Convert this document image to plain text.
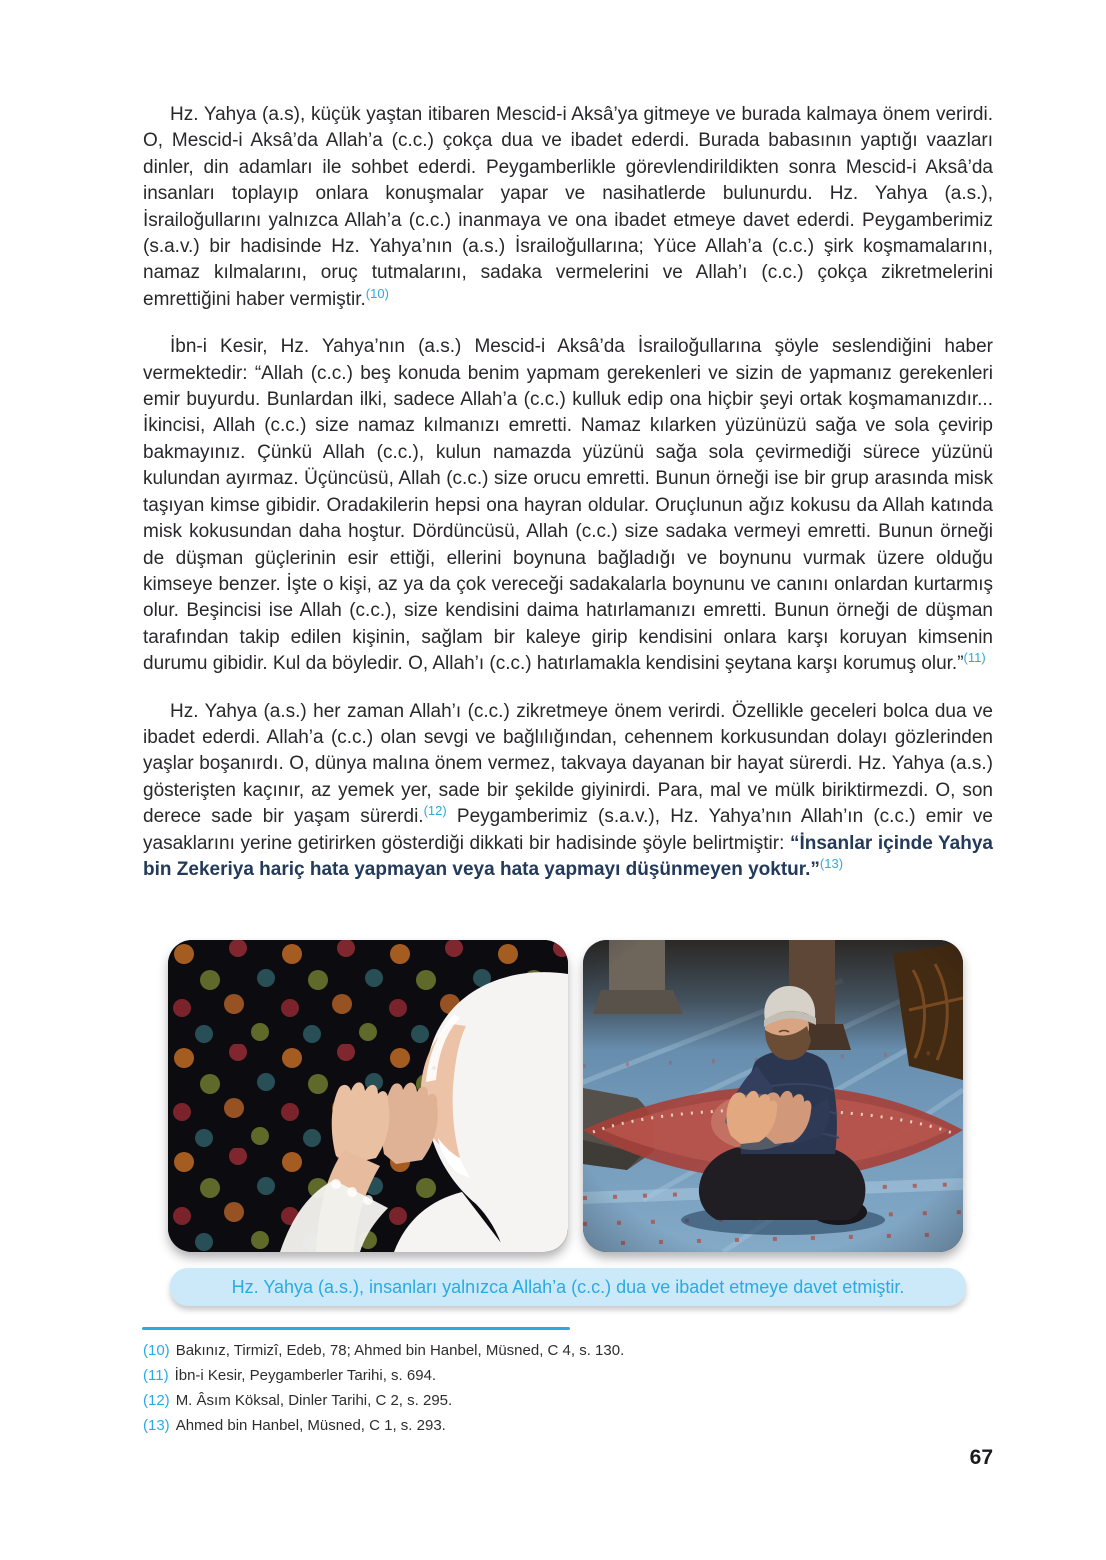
Hz. Yahya (a.s), küçük yaştan itibaren Mescid-i Aksâ’ya gitmeye ve burada kalmaya önem verirdi. O, Mescid-i Aksâ’da Allah’a (c.c.) çokça dua ve ibadet ederdi. Burada babasının yaptığı vaazları dinler, din adamları ile sohbet ederdi. Peygamberlikle görevlendirildikten sonra Mescid-i Aksâ’da insanları toplayıp onlara konuşmalar yapar ve nasihatlerde bulunurdu. Hz. Yahya (a.s.), İsrailoğullarını yalnızca Allah’a (c.c.) inanmaya ve ona ibadet etmeye davet ederdi. Peygamberimiz (s.a.v.) bir hadisinde Hz. Yahya’nın (a.s.) İsrailoğullarına; Yüce Allah’a (c.c.) şirk koşmamalarını, namaz kılmalarını, oruç tutmalarını, sadaka vermelerini ve Allah’ı (c.c.) çokça zikretmelerini emrettiğini haber vermiştir.$^{(10)}$

İbn-i Kesir, Hz. Yahya’nın (a.s.) Mescid-i Aksâ’da İsrailoğullarına şöyle seslendiğini haber vermektedir: “Allah (c.c.) beş konuda benim yapmam gerekenleri ve sizin de yapmanız gerekenleri emir buyurdu. Bunlardan ilki, sadece Allah’a (c.c.) kulluk edip ona hiçbir şeyi ortak koşmamanızdır... İkincisi, Allah (c.c.) size namaz kılmanızı emretti. Namaz kılarken yüzünüzü sağa ve sola çevirip bakmayınız. Çünkü Allah (c.c.), kulun namazda yüzünü sağa sola çevirmediği sürece yüzünü kulundan ayırmaz. Üçüncüsü, Allah (c.c.) size orucu emretti. Bunun örneği ise bir grup arasında misk taşıyan kimse gibidir. Oradakilerin hepsi ona hayran oldular. Oruçlunun ağız kokusu da Allah katında misk kokusundan daha hoştur. Dördüncüsü, Allah (c.c.) size sadaka vermeyi emretti. Bunun örneği de düşman güçlerinin esir ettiği, ellerini boynuna bağladığı ve boynunu vurmak üzere olduğu kimseye benzer. İşte o kişi, az ya da çok vereceği sadakalarla boynunu ve canını onlardan kurtarmış olur. Beşincisi ise Allah (c.c.), size kendisini daima hatırlamanızı emretti. Bunun örneği de düşman tarafından takip edilen kişinin, sağlam bir kaleye girip kendisini onlara karşı koruyan kimsenin durumu gibidir. Kul da böyledir. O, Allah’ı (c.c.) hatırlamakla kendisini şeytana karşı korumuş olur.”$^{(11)}$

Hz. Yahya (a.s.) her zaman Allah’ı (c.c.) zikretmeye önem verirdi. Özellikle geceleri bolca dua ve ibadet ederdi. Allah’a (c.c.) olan sevgi ve bağlılığından, cehennem korkusundan dolayı gözlerinden yaşlar boşanırdı. O, dünya malına önem vermez, takvaya dayanan bir hayat sürerdi. Hz. Yahya (a.s.) gösterişten kaçınır, az yemek yer, sade bir şekilde giyinirdi. Para, mal ve mülk biriktirmezdi. O, son derece sade bir yaşam sürerdi.$^{(12)}$ Peygamberimiz (s.a.v.), Hz. Yahya’nın Allah’ın (c.c.) emir ve yasaklarını yerine getirirken gösterdiği dikkati bir hadisinde şöyle belirtmiştir: “İnsanlar içinde Yahya bin Zekeriya hariç hata yapmayan veya hata yapmayı düşünmeyen yoktur.”$^{(13)}$

Hz. Yahya (a.s.), insanları yalnızca Allah’a (c.c.) dua ve ibadet etmeye davet etmiştir.
(10) Bakınız, Tirmizî, Edeb, 78; Ahmed bin Hanbel, Müsned, C 4, s. 130.
(11) İbn-i Kesir, Peygamberler Tarihi, s. 694.
(12) M. Âsım Köksal, Dinler Tarihi, C 2, s. 295.
(13) Ahmed bin Hanbel, Müsned, C 1, s. 293.
67
